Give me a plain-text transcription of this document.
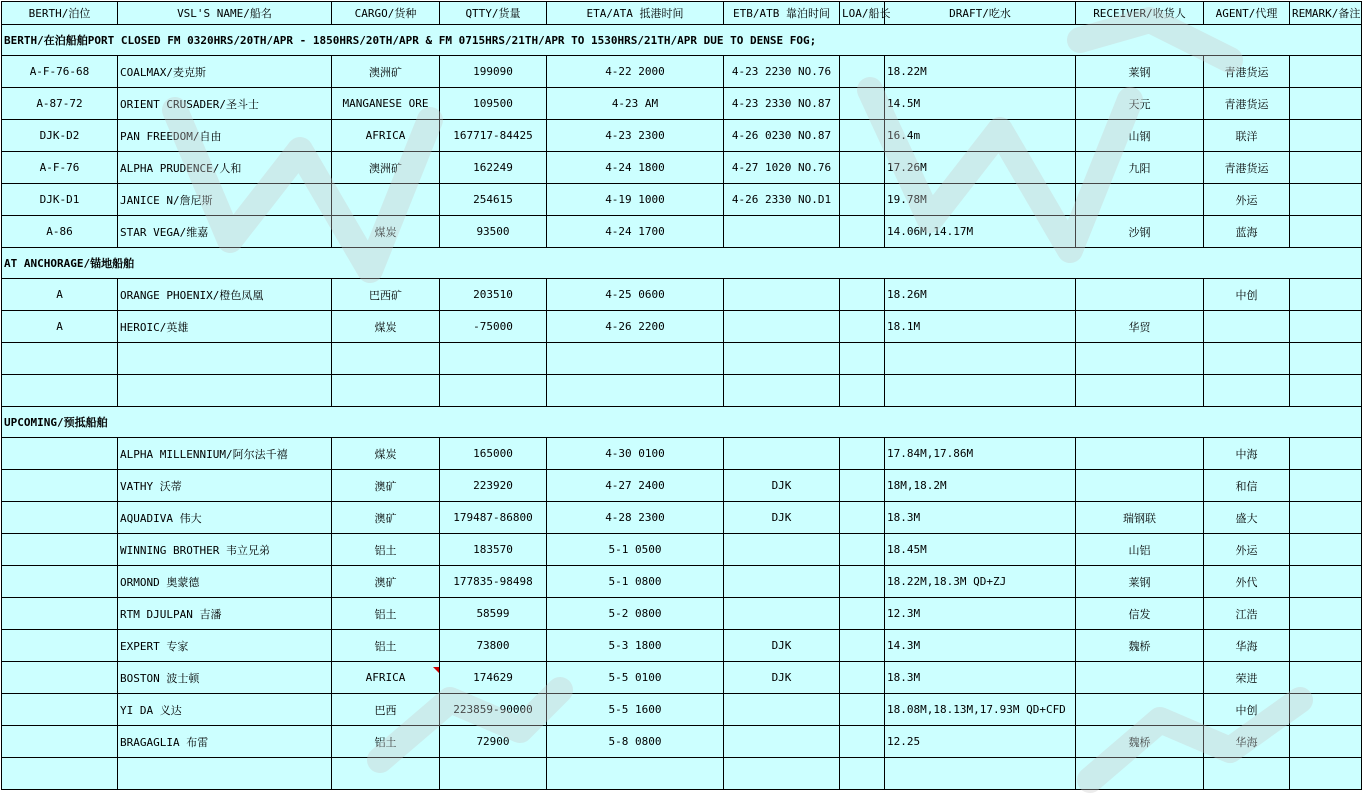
BERTH/泊位	VSL'S NAME/船名	CARGO/货种	QTTY/货量	ETA/ATA 抵港时间	ETB/ATB 靠泊时间	LOA/船长	DRAFT/吃水	RECEIVER/收货人	AGENT/代理	REMARK/备注
BERTH/在泊船舶PORT CLOSED FM 0320HRS/20TH/APR - 1850HRS/20TH/APR & FM 0715HRS/21TH/APR TO 1530HRS/21TH/APR DUE TO DENSE FOG;										
A-F-76-68	COALMAX/麦克斯	澳洲矿	199090	4-22 2000	4-23 2230 NO.76		18.22M	莱钢	青港货运	
A-87-72	ORIENT CRUSADER/圣斗士	MANGANESE ORE	109500	4-23 AM	4-23 2330 NO.87		14.5M	天元	青港货运	
DJK-D2	PAN FREEDOM/自由	AFRICA	167717-84425	4-23 2300	4-26 0230 NO.87		16.4m	山钢	联洋	
A-F-76	ALPHA PRUDENCE/人和	澳洲矿	162249	4-24 1800	4-27 1020 NO.76		17.26M	九阳	青港货运	
DJK-D1	JANICE N/詹尼斯		254615	4-19 1000	4-26 2330 NO.D1		19.78M		外运	
A-86	STAR VEGA/维嘉	煤炭	93500	4-24 1700			14.06M,14.17M	沙钢	蓝海	
AT ANCHORAGE/锚地船舶										
A	ORANGE PHOENIX/橙色凤凰	巴西矿	203510	4-25 0600			18.26M		中创	
A	HEROIC/英雄	煤炭	-75000	4-26 2200			18.1M	华贸		

UPCOMING/预抵船舶										
	ALPHA MILLENNIUM/阿尔法千禧	煤炭	165000	4-30 0100			17.84M,17.86M		中海	
	VATHY 沃蒂	澳矿	223920	4-27 2400	DJK		18M,18.2M		和信	
	AQUADIVA 伟大	澳矿	179487-86800	4-28 2300	DJK		18.3M	瑞钢联	盛大	
	WINNING BROTHER 韦立兄弟	铝土	183570	5-1 0500			18.45M	山铝	外运	
	ORMOND 奥蒙德	澳矿	177835-98498	5-1 0800			18.22M,18.3M QD+ZJ	莱钢	外代	
	RTM DJULPAN 吉潘	铝土	58599	5-2 0800			12.3M	信发	江浩	
	EXPERT 专家	铝土	73800	5-3 1800	DJK		14.3M	魏桥	华海	
	BOSTON 波士顿	AFRICA	174629	5-5 0100	DJK		18.3M		荣进	
	YI DA 义达	巴西	223859-90000	5-5 1600			18.08M,18.13M,17.93M QD+CFD		中创	
	BRAGAGLIA 布雷	铝土	72900	5-8 0800			12.25	魏桥	华海	
